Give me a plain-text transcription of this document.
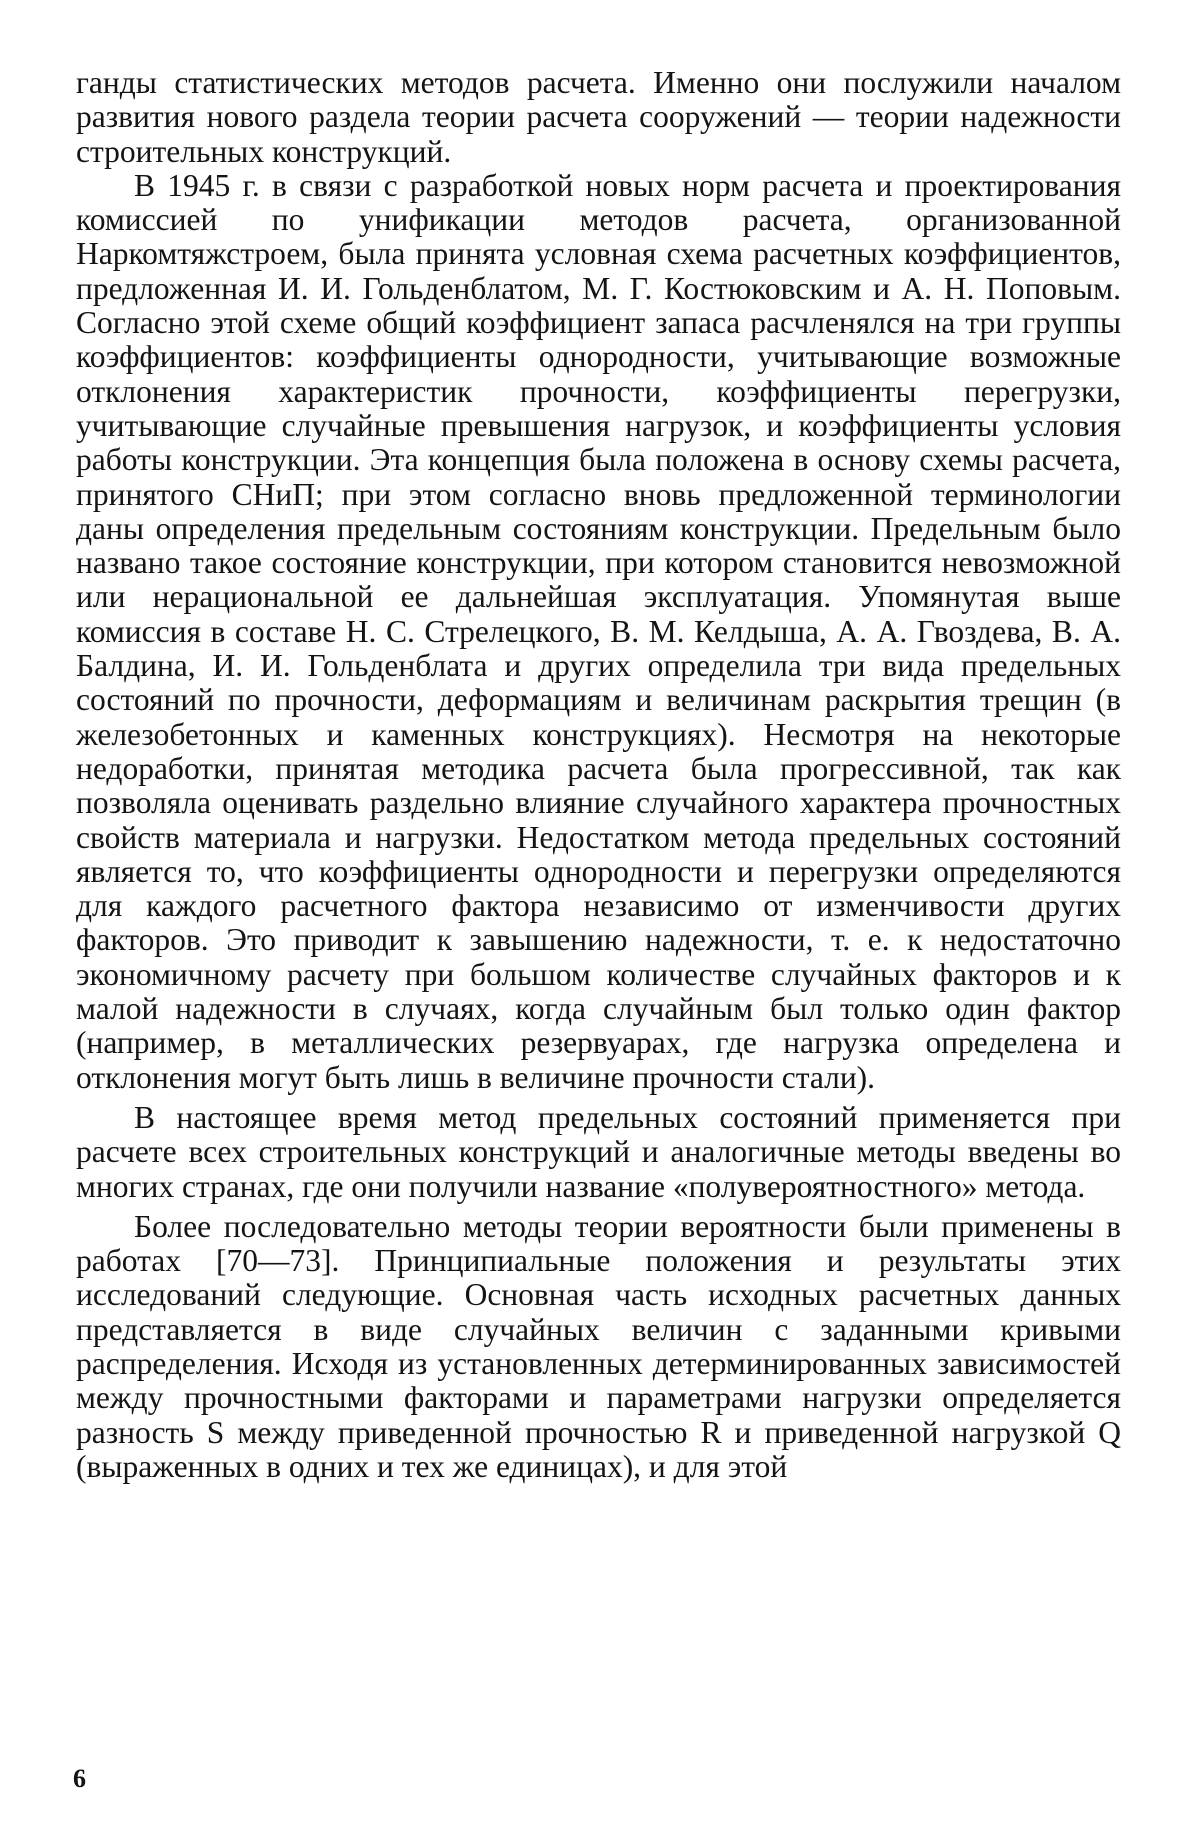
ганды статистических методов расчета. Именно они послужили началом развития нового раздела теории расчета сооружений — теории надежности строительных конструкций.

В 1945 г. в связи с разработкой новых норм расчета и проектирования комиссией по унификации методов расчета, организованной Наркомтяжстроем, была принята условная схема расчетных коэффициентов, предложенная И. И. Гольденблатом, М. Г. Костюковским и А. Н. Поповым. Согласно этой схеме общий коэффициент запаса расчленялся на три группы коэффициентов: коэффициенты однородности, учитывающие возможные отклонения характеристик прочности, коэффициенты перегрузки, учитывающие случайные превышения нагрузок, и коэффициенты условия работы конструкции. Эта концепция была положена в основу схемы расчета, принятого СНиП; при этом согласно вновь предложенной терминологии даны определения предельным состояниям конструкции. Предельным было названо такое состояние конструкции, при котором становится невозможной или нерациональной ее дальнейшая эксплуатация. Упомянутая выше комиссия в составе Н. С. Стрелецкого, В. М. Келдыша, А. А. Гвоздева, В. А. Балдина, И. И. Гольденблата и других определила три вида предельных состояний по прочности, деформациям и величинам раскрытия трещин (в железобетонных и каменных конструкциях). Несмотря на некоторые недоработки, принятая методика расчета была прогрессивной, так как позволяла оценивать раздельно влияние случайного характера прочностных свойств материала и нагрузки. Недостатком метода предельных состояний является то, что коэффициенты однородности и перегрузки определяются для каждого расчетного фактора независимо от изменчивости других факторов. Это приводит к завышению надежности, т. е. к недостаточно экономичному расчету при большом количестве случайных факторов и к малой надежности в случаях, когда случайным был только один фактор (например, в металлических резервуарах, где нагрузка определена и отклонения могут быть лишь в величине прочности стали).

В настоящее время метод предельных состояний применяется при расчете всех строительных конструкций и аналогичные методы введены во многих странах, где они получили название «полувероятностного» метода.

Более последовательно методы теории вероятности были применены в работах [70—73]. Принципиальные положения и результаты этих исследований следующие. Основная часть исходных расчетных данных представляется в виде случайных величин с заданными кривыми распределения. Исходя из установленных детерминированных зависимостей между прочностными факторами и параметрами нагрузки определяется разность S между приведенной прочностью R и приведенной нагрузкой Q (выраженных в одних и тех же единицах), и для этой

6
